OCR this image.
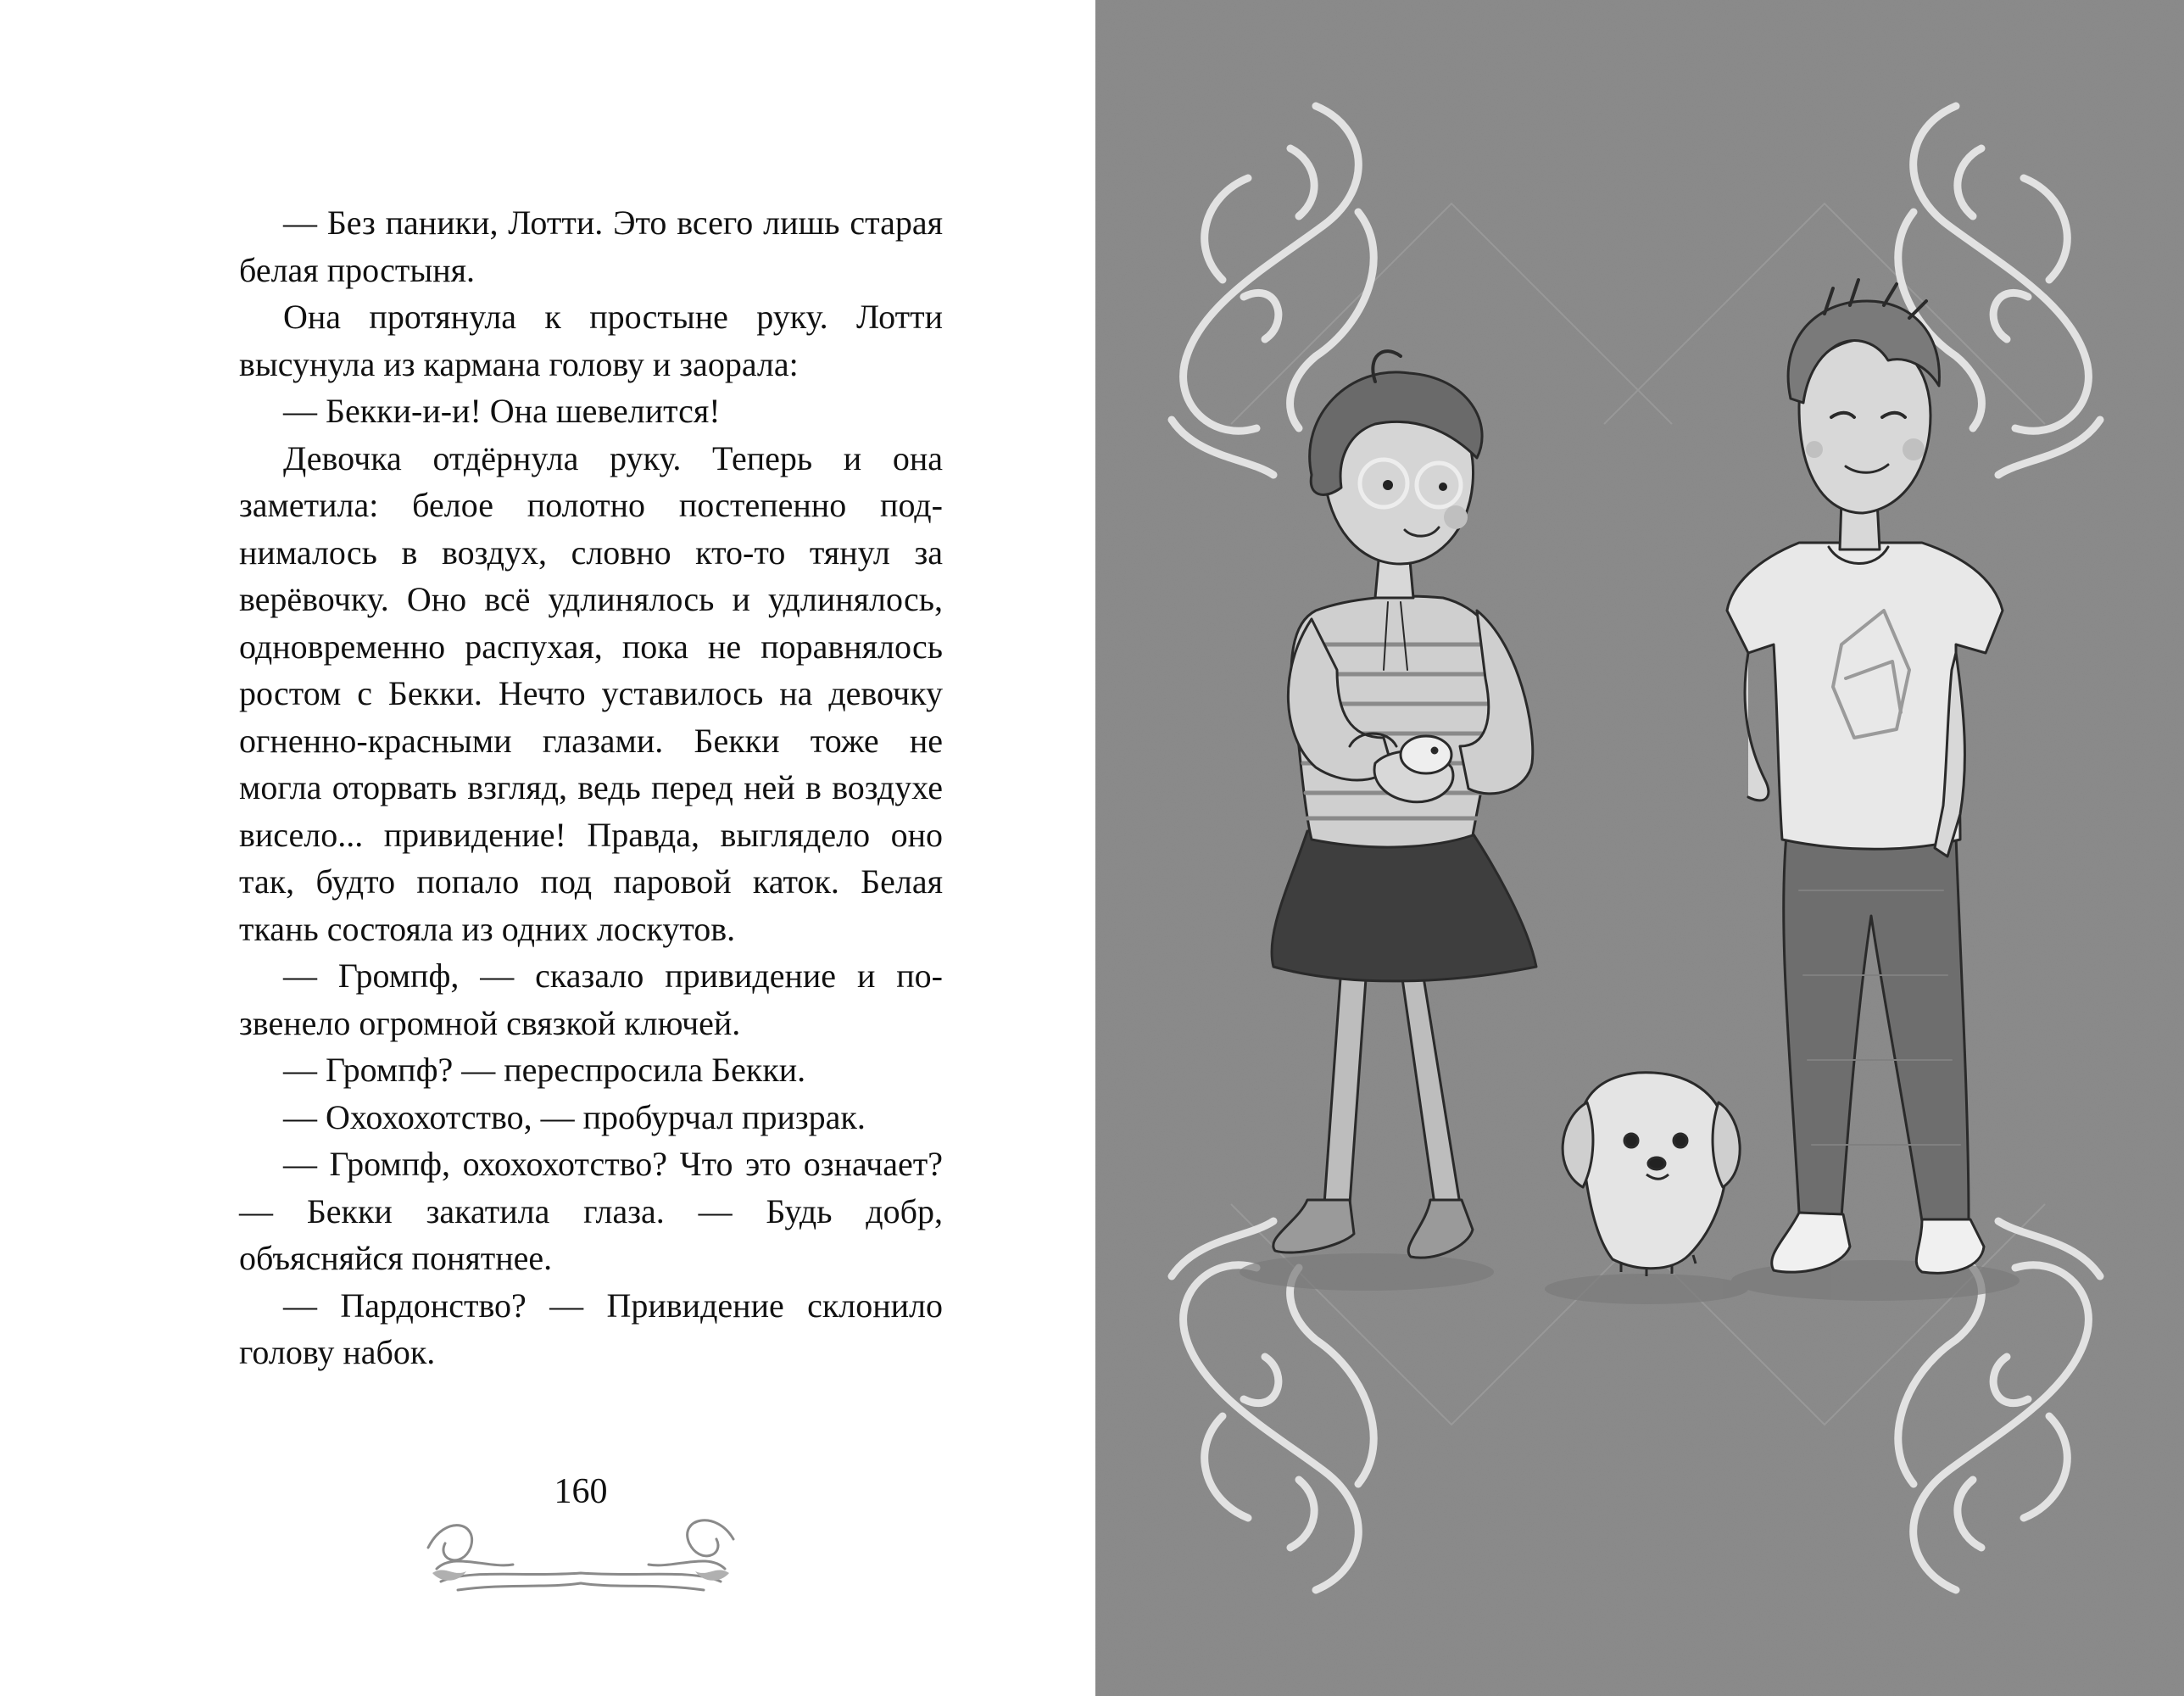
— Без паники, Лотти. Это всего лишь старая белая простыня.

Она протянула к простыне руку. Лотти высунула из кармана голову и заорала:

— Бекки-и-и! Она шевелится!

Девочка отдёрнула руку. Теперь и она заметила: белое полотно постепенно поднималось в воздух, словно кто-то тянул за верёвочку. Оно всё удлинялось и удлинялось, одновременно распухая, пока не поравнялось ростом с Бекки. Нечто уставилось на девочку огненно-красными глазами. Бекки тоже не могла оторвать взгляд, ведь перед ней в воздухе висело... привидение! Правда, выглядело оно так, будто попало под паровой каток. Белая ткань состояла из одних лоскутов.

— Громпф, — сказало привидение и позвенело огромной связкой ключей.

— Громпф? — переспросила Бекки.

— Охохохотство, — пробурчал призрак.

— Громпф, охохохотство? Что это означает? — Бекки закатила глаза. — Будь добр, объясняйся понятнее.

— Пардонство? — Привидение склонило голову набок.

160
